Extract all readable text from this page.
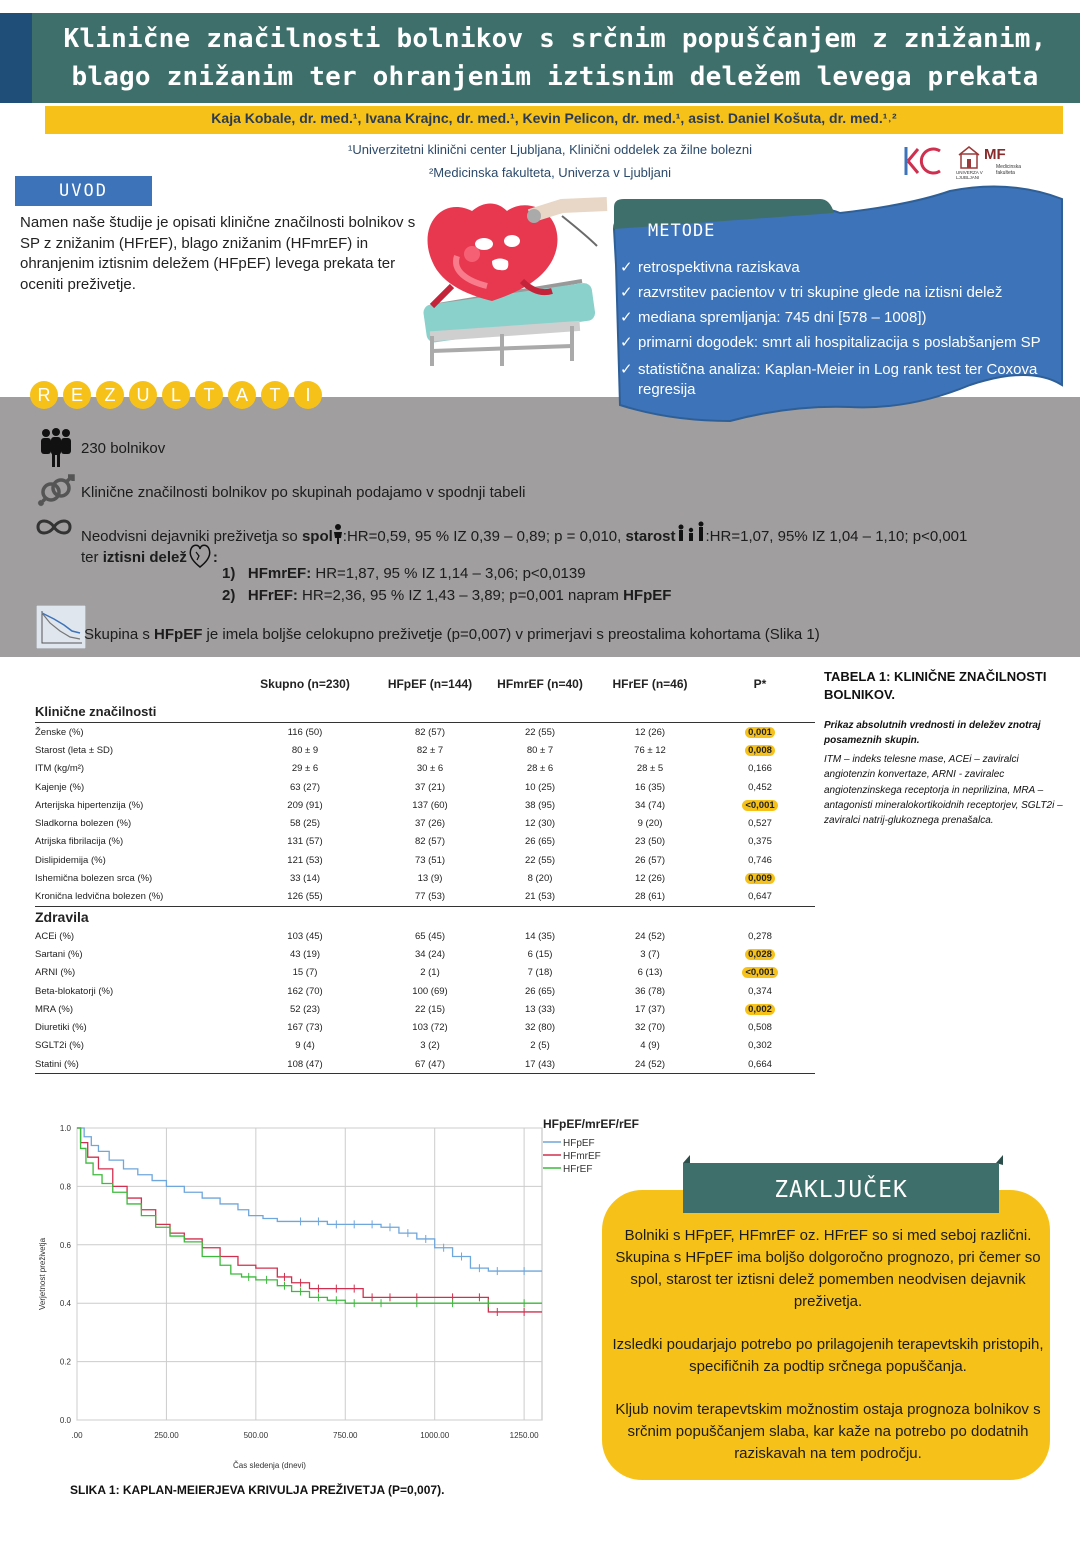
Klinične značilnosti bolnikov s srčnim popuščanjem z znižanim,
blago znižanim ter ohranjenim iztisnim deležem levega prekata
Kaja Kobale, dr. med.¹, Ivana Krajnc, dr. med.¹, Kevin Pelicon, dr. med.¹, asist. Daniel Košuta, dr. med.¹˒²
¹Univerzitetni klinični center Ljubljana, Klinični oddelek za žilne bolezni
²Medicinska fakulteta, Univerza v Ljubljani
MF
UNIVERZA V LJUBLJANI
Medicinska fakulteta
UVOD
Namen naše študije je opisati klinične značilnosti bolnikov s SP z znižanim (HFrEF), blago znižanim (HFmrEF) in ohranjenim iztisnim deležem (HFpEF) levega prekata ter oceniti preživetje.
METODE
✓ retrospektivna raziskava
✓ razvrstitev pacientov v tri skupine glede na iztisni delež
✓ mediana spremljanja: 745 dni [578 – 1008])
✓ primarni dogodek: smrt ali hospitalizacija s poslabšanjem SP
✓ statistična analiza: Kaplan-Meier in Log rank test ter Coxova regresija
R	E	Z	U	L	T	A	T	I
230 bolnikov
Klinične značilnosti bolnikov po skupinah podajamo v spodnji tabeli
Neodvisni dejavniki preživetja so spol :HR=0,59, 95 % IZ 0,39 – 0,89; p = 0,010, starost :HR=1,07, 95% IZ 1,04 – 1,10; p<0,001
ter iztisni delež :
1) HFmrEF: HR=1,87, 95 % IZ 1,14 – 3,06; p<0,0139
2) HFrEF: HR=2,36, 95 % IZ 1,43 – 3,89; p=0,001 napram HFpEF
Skupina s HFpEF je imela boljše celokupno preživetje (p=0,007) v primerjavi s preostalima kohortama (Slika 1)
	Skupno (n=230)	HFpEF (n=144)	HFmrEF (n=40)	HFrEF (n=46)	P*
Klinične značilnosti					
Ženske (%)	116 (50)	82 (57)	22 (55)	12 (26)	0,001
Starost (leta ± SD)	80 ± 9	82 ± 7	80 ± 7	76 ± 12	0,008
ITM (kg/m²)	29 ± 6	30 ± 6	28 ± 6	28 ± 5	0,166
Kajenje (%)	63 (27)	37 (21)	10 (25)	16 (35)	0,452
Arterijska hipertenzija (%)	209 (91)	137 (60)	38 (95)	34 (74)	<0,001
Sladkorna bolezen (%)	58 (25)	37 (26)	12 (30)	9 (20)	0,527
Atrijska fibrilacija (%)	131 (57)	82 (57)	26 (65)	23 (50)	0,375
Dislipidemija (%)	121 (53)	73 (51)	22 (55)	26 (57)	0,746
Ishemična bolezen srca (%)	33 (14)	13 (9)	8 (20)	12 (26)	0,009
Kronična ledvična bolezen (%)	126 (55)	77 (53)	21 (53)	28 (61)	0,647
Zdravila					
ACEi (%)	103 (45)	65 (45)	14 (35)	24 (52)	0,278
Sartani (%)	43 (19)	34 (24)	6 (15)	3 (7)	0,028
ARNI (%)	15 (7)	2 (1)	7 (18)	6 (13)	<0,001
Beta-blokatorji (%)	162 (70)	100 (69)	26 (65)	36 (78)	0,374
MRA (%)	52 (23)	22 (15)	13 (33)	17 (37)	0,002
Diuretiki (%)	167 (73)	103 (72)	32 (80)	32 (70)	0,508
SGLT2i (%)	9 (4)	3 (2)	2 (5)	4 (9)	0,302
Statini (%)	108 (47)	67 (47)	17 (43)	24 (52)	0,664
TABELA 1: KLINIČNE ZNAČILNOSTI BOLNIKOV.
Prikaz absolutnih vrednosti in deležev znotraj posameznih skupin.
ITM – indeks telesne mase, ACEi – zaviralci angiotenzin konvertaze, ARNI - zaviralec angiotenzinskega receptorja in neprilizina, MRA – antagonisti mineralokortikoidnih receptorjev, SGLT2i – zaviralci natrij-glukoznega prenašalca.
.00	250.00	500.00	750.00	1000.00	1250.00
0.0
0.2
0.4
0.6
0.8
1.0
Čas sledenja (dnevi)
Verjetnost preživetja
HFpEF
HFmrEF
HFrEF
HFpEF/mrEF/rEF
SLIKA 1: KAPLAN-MEIERJEVA KRIVULJA PREŽIVETJA (P=0,007).
ZAKLJUČEK
Bolniki s HFpEF, HFmrEF oz. HFrEF so si med seboj različni. Skupina s HFpEF ima boljšo dolgoročno prognozo, pri čemer so spol, starost ter iztisni delež pomemben neodvisen dejavnik preživetja.
Izsledki poudarjajo potrebo po prilagojenih terapevtskih pristopih, specifičnih za podtip srčnega popuščanja.
Kljub novim terapevtskim možnostim ostaja prognoza bolnikov s srčnim popuščanjem slaba, kar kaže na potrebo po dodatnih raziskavah na tem področju.
